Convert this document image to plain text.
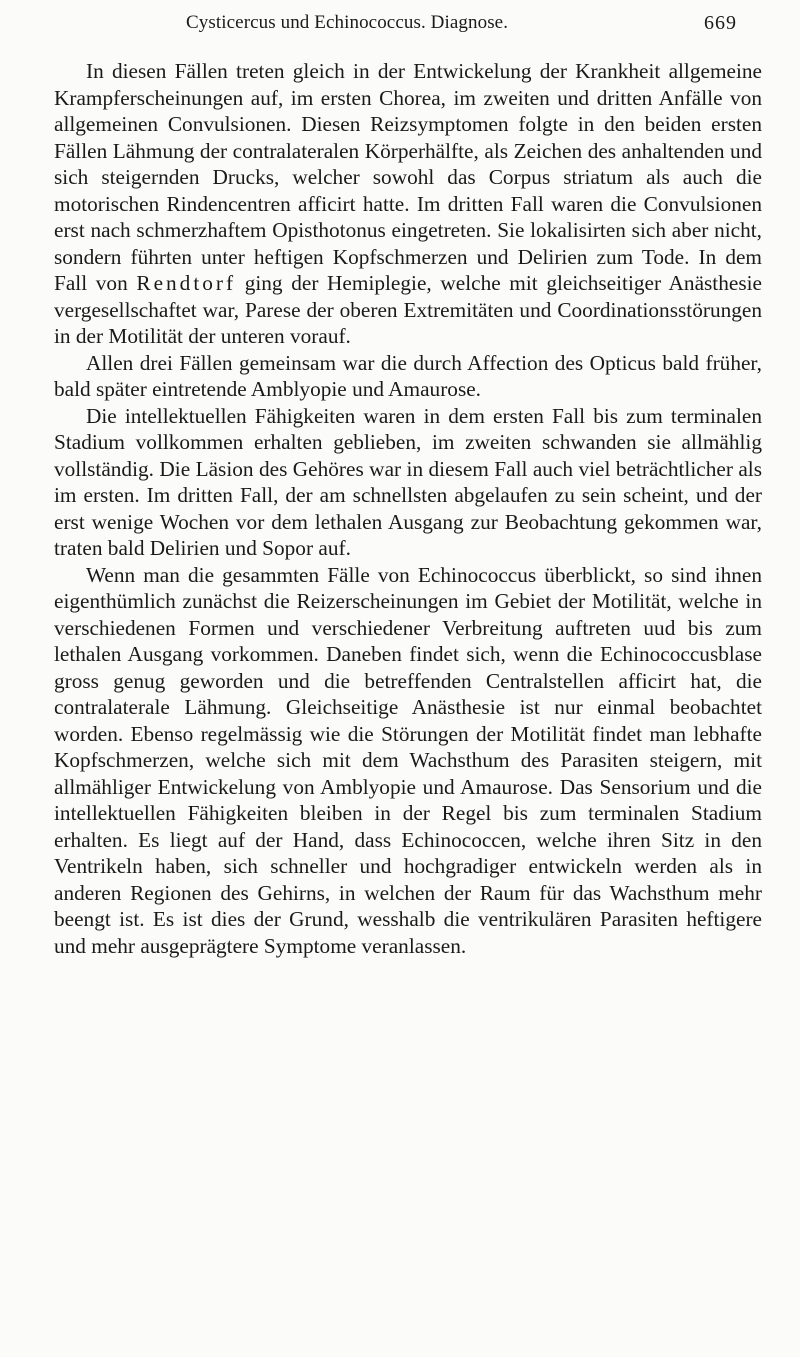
Cysticercus und Echinococcus. Diagnose.	669

In diesen Fällen treten gleich in der Entwickelung der Krankheit allgemeine Krampferscheinungen auf, im ersten Chorea, im zweiten und dritten Anfälle von allgemeinen Convulsionen. Diesen Reizsymptomen folgte in den beiden ersten Fällen Lähmung der contralateralen Körperhälfte, als Zeichen des anhaltenden und sich steigernden Drucks, welcher sowohl das Corpus striatum als auch die motorischen Rindencentren afficirt hatte. Im dritten Fall waren die Convulsionen erst nach schmerzhaftem Opisthotonus eingetreten. Sie lokalisirten sich aber nicht, sondern führten unter heftigen Kopfschmerzen und Delirien zum Tode. In dem Fall von Rendtorf ging der Hemiplegie, welche mit gleichseitiger Anästhesie vergesellschaftet war, Parese der oberen Extremitäten und Coordinationsstörungen in der Motilität der unteren vorauf.

Allen drei Fällen gemeinsam war die durch Affection des Opticus bald früher, bald später eintretende Amblyopie und Amaurose.

Die intellektuellen Fähigkeiten waren in dem ersten Fall bis zum terminalen Stadium vollkommen erhalten geblieben, im zweiten schwanden sie allmählig vollständig. Die Läsion des Gehöres war in diesem Fall auch viel beträchtlicher als im ersten. Im dritten Fall, der am schnellsten abgelaufen zu sein scheint, und der erst wenige Wochen vor dem lethalen Ausgang zur Beobachtung gekommen war, traten bald Delirien und Sopor auf.

Wenn man die gesammten Fälle von Echinococcus überblickt, so sind ihnen eigenthümlich zunächst die Reizerscheinungen im Gebiet der Motilität, welche in verschiedenen Formen und verschiedener Verbreitung auftreten uud bis zum lethalen Ausgang vorkommen. Daneben findet sich, wenn die Echinococcusblase gross genug geworden und die betreffenden Centralstellen afficirt hat, die contralaterale Lähmung. Gleichseitige Anästhesie ist nur einmal beobachtet worden. Ebenso regelmässig wie die Störungen der Motilität findet man lebhafte Kopfschmerzen, welche sich mit dem Wachsthum des Parasiten steigern, mit allmähliger Entwickelung von Amblyopie und Amaurose. Das Sensorium und die intellektuellen Fähigkeiten bleiben in der Regel bis zum terminalen Stadium erhalten. Es liegt auf der Hand, dass Echinococcen, welche ihren Sitz in den Ventrikeln haben, sich schneller und hochgradiger entwickeln werden als in anderen Regionen des Gehirns, in welchen der Raum für das Wachsthum mehr beengt ist. Es ist dies der Grund, wesshalb die ventrikulären Parasiten heftigere und mehr ausgeprägtere Symptome veranlassen.
